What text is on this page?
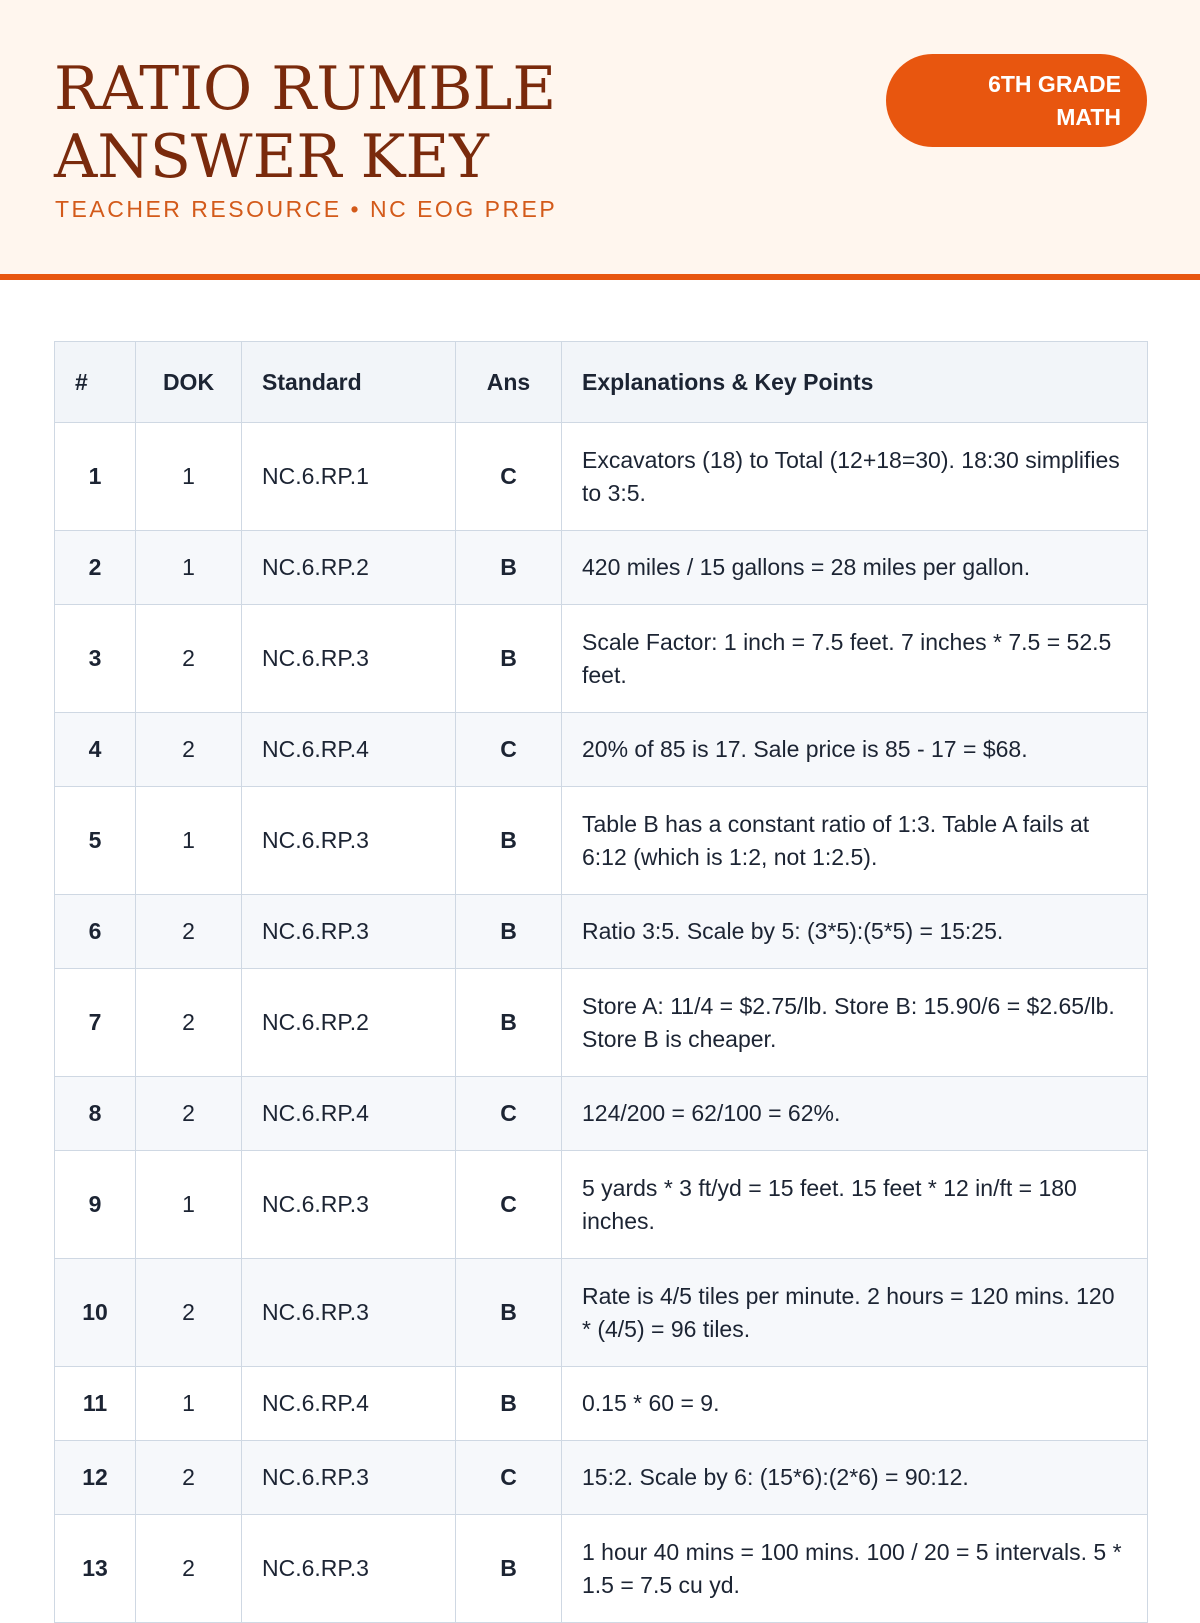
RATIO RUMBLE ANSWER KEY
TEACHER RESOURCE • NC EOG PREP
6TH GRADE
MATH
#	DOK	Standard	Ans	Explanations & Key Points
1	1	NC.6.RP.1	C	Excavators (18) to Total (12+18=30). 18:30 simplifies to 3:5.
2	1	NC.6.RP.2	B	420 miles / 15 gallons = 28 miles per gallon.
3	2	NC.6.RP.3	B	Scale Factor: 1 inch = 7.5 feet. 7 inches * 7.5 = 52.5 feet.
4	2	NC.6.RP.4	C	20% of 85 is 17. Sale price is 85 - 17 = $68.
5	1	NC.6.RP.3	B	Table B has a constant ratio of 1:3. Table A fails at 6:12 (which is 1:2, not 1:2.5).
6	2	NC.6.RP.3	B	Ratio 3:5. Scale by 5: (3*5):(5*5) = 15:25.
7	2	NC.6.RP.2	B	Store A: 11/4 = $2.75/lb. Store B: 15.90/6 = $2.65/lb. Store B is cheaper.
8	2	NC.6.RP.4	C	124/200 = 62/100 = 62%.
9	1	NC.6.RP.3	C	5 yards * 3 ft/yd = 15 feet. 15 feet * 12 in/ft = 180 inches.
10	2	NC.6.RP.3	B	Rate is 4/5 tiles per minute. 2 hours = 120 mins. 120 * (4/5) = 96 tiles.
11	1	NC.6.RP.4	B	0.15 * 60 = 9.
12	2	NC.6.RP.3	C	15:2. Scale by 6: (15*6):(2*6) = 90:12.
13	2	NC.6.RP.3	B	1 hour 40 mins = 100 mins. 100 / 20 = 5 intervals. 5 * 1.5 = 7.5 cu yd.
